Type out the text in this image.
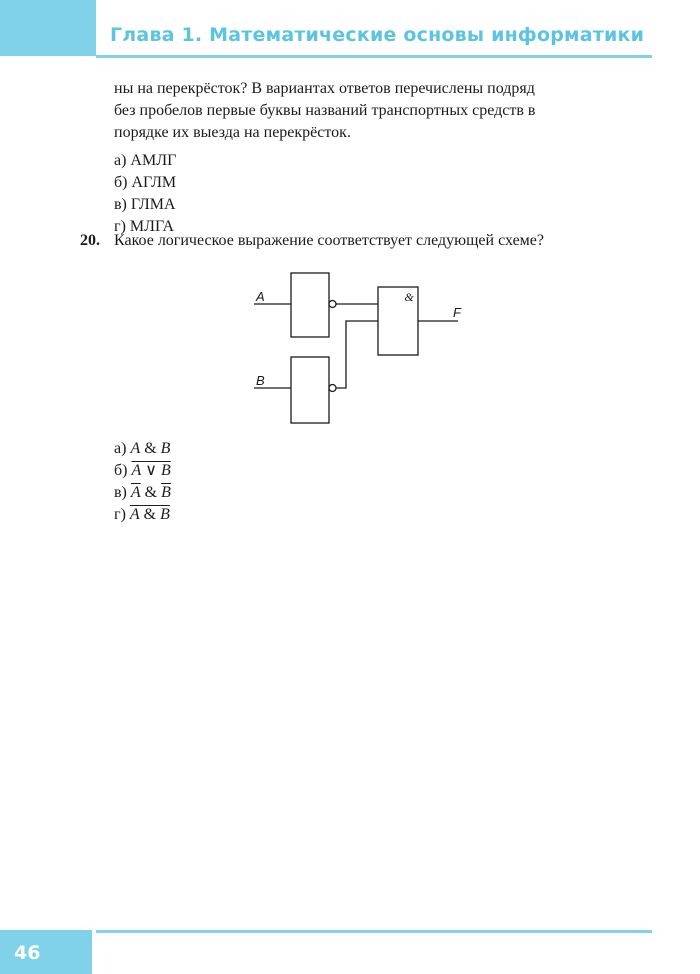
Глава 1. Математические основы информатики
ны на перекрёсток? В вариантах ответов перечислены подряд
без пробелов первые буквы названий транспортных средств в
порядке их выезда на перекрёсток.
а) АМЛГ
б) АГЛМ
в) ГЛМА
г) МЛГА
20. Какое логическое выражение соответствует следующей схеме?
&
A
B
F
а) A & B
б) A ∨ B
в) $\overline{A}$ & $\overline{B}$
г) A & B
46
